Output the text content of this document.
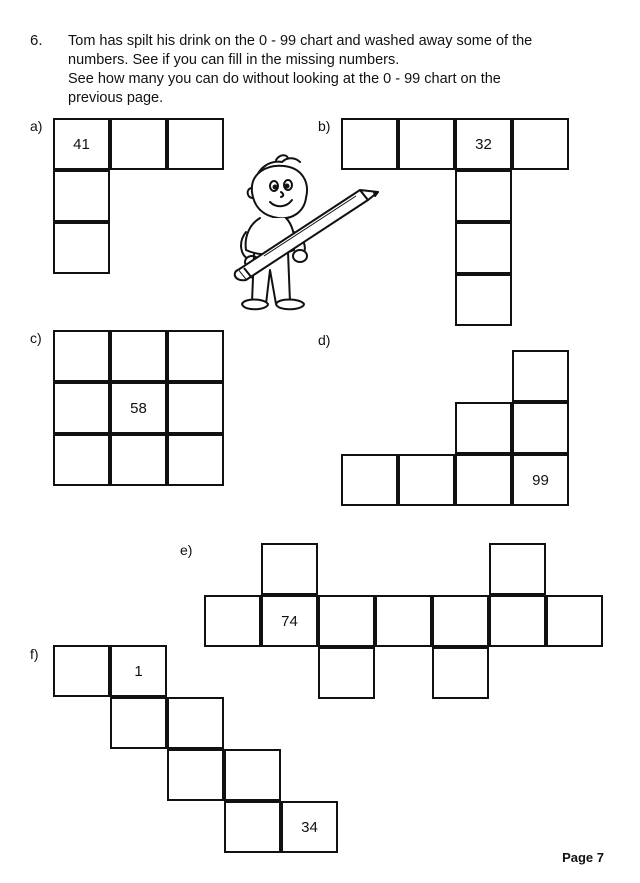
6. Tom has spilt his drink on the 0 - 99 chart and washed away some of the
numbers. See if you can fill in the missing numbers.
See how many you can do without looking at the 0 - 99 chart on the
previous page.
a)
41
b)
32
c)
58
d)
99
e)
74
f)
1
34
Page 7
